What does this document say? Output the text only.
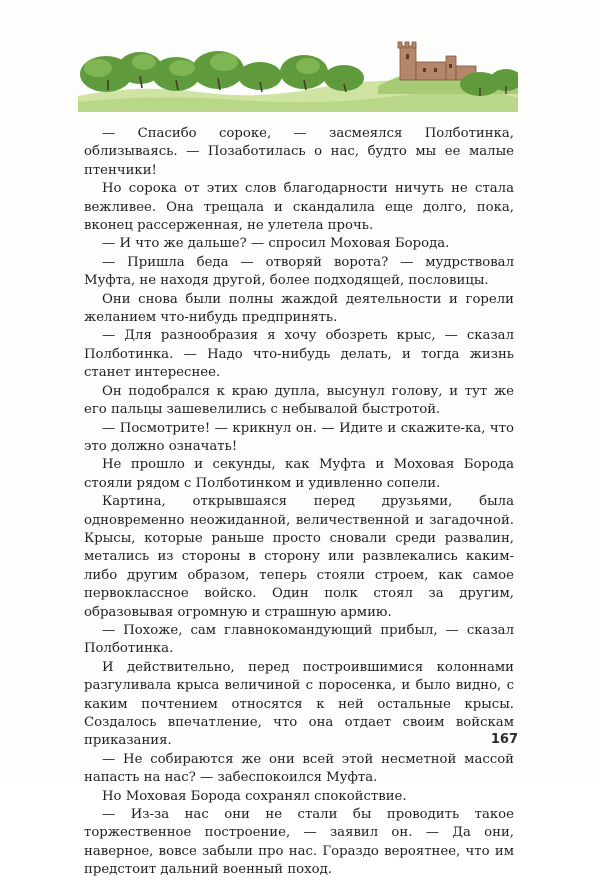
— Спасибо сороке, — засмеялся Полботинка, облизываясь. — Позаботилась о нас, будто мы ее малые птенчики!

Но сорока от этих слов благодарности ничуть не стала вежливее. Она трещала и скандалила еще долго, пока, вконец рассерженная, не улетела прочь.

— И что же дальше? — спросил Моховая Борода.

— Пришла беда — отворяй ворота? — мудрствовал Муфта, не находя другой, более подходящей, пословицы.

Они снова были полны жаждой деятельности и горели желанием что-нибудь предпринять.

— Для разнообразия я хочу обозреть крыс, — сказал Полботинка. — Надо что-нибудь делать, и тогда жизнь станет интереснее.

Он подобрался к краю дупла, высунул голову, и тут же его пальцы зашевелились с небывалой быстротой.

— Посмотрите! — крикнул он. — Идите и скажите-ка, что это должно означать!

Не прошло и секунды, как Муфта и Моховая Борода стояли рядом с Полботинком и удивленно сопели.

Картина, открывшаяся перед друзьями, была одновременно неожиданной, величественной и загадочной. Крысы, которые раньше просто сновали среди развалин, метались из стороны в сторону или развлекались каким-либо другим образом, теперь стояли строем, как самое первоклассное войско. Один полк стоял за другим, образовывая огромную и страшную армию.

— Похоже, сам главнокомандующий прибыл, — сказал Полботинка.

И действительно, перед построившимися колоннами разгуливала крыса величиной с поросенка, и было видно, с каким почтением относятся к ней остальные крысы. Создалось впечатление, что она отдает своим войскам приказания.

— Не собираются же они всей этой несметной массой напасть на нас? — забеспокоился Муфта.

Но Моховая Борода сохранял спокойствие.

— Из-за нас они не стали бы проводить такое торжественное построение, — заявил он. — Да они, наверное, вовсе забыли про нас. Гораздо вероятнее, что им предстоит дальний военный поход.

167
